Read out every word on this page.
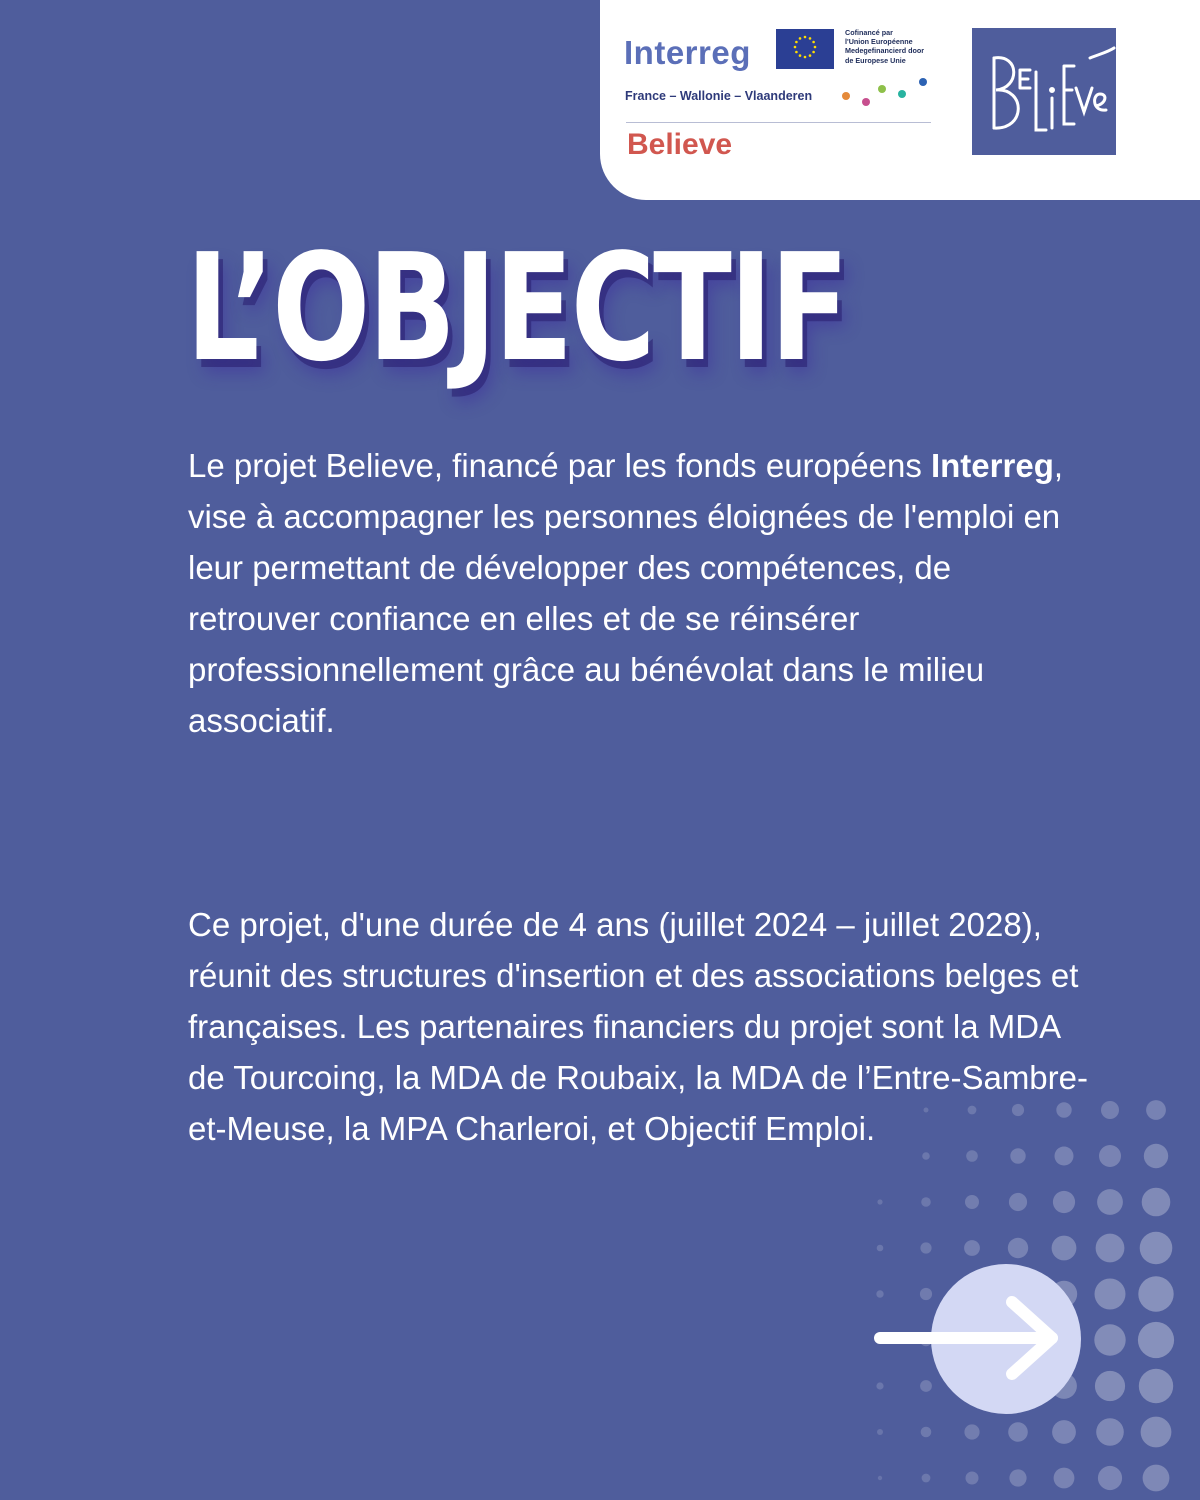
Interreg
Cofinancé par
l'Union Européenne
Medegefinancierd door
de Europese Unie
France – Wallonie – Vlaanderen
Believe
L’OBJECTIF

Le projet Believe, financé par les fonds européens Interreg, vise à accompagner les personnes éloignées de l'emploi en leur permettant de développer des compétences, de retrouver confiance en elles et de se réinsérer professionnellement grâce au bénévolat dans le milieu associatif.

Ce projet, d'une durée de 4 ans (juillet 2024 – juillet 2028), réunit des structures d'insertion et des associations belges et françaises. Les partenaires financiers du projet sont la MDA de Tourcoing, la MDA de Roubaix, la MDA de l’Entre-Sambre-et-Meuse, la MPA Charleroi, et Objectif Emploi.
